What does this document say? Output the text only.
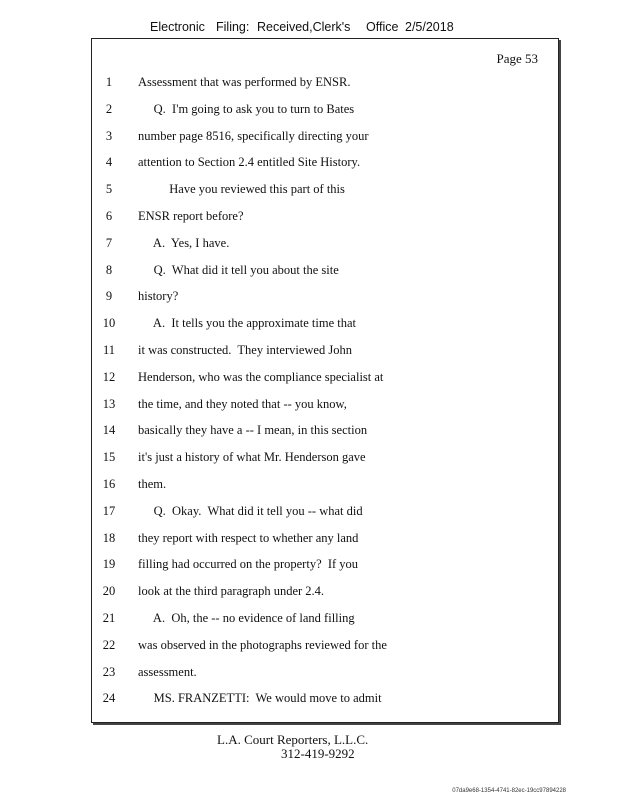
Electronic Filing: Received,Clerk's Office 2/5/2018
Page 53
1	Assessment that was performed by ENSR.
2	Q.  I'm going to ask you to turn to Bates
3	number page 8516, specifically directing your
4	attention to Section 2.4 entitled Site History.
5	Have you reviewed this part of this
6	ENSR report before?
7	A.  Yes, I have.
8	Q.  What did it tell you about the site
9	history?
10	A.  It tells you the approximate time that
11	it was constructed.  They interviewed John
12	Henderson, who was the compliance specialist at
13	the time, and they noted that -- you know,
14	basically they have a -- I mean, in this section
15	it's just a history of what Mr. Henderson gave
16	them.
17	Q.  Okay.  What did it tell you -- what did
18	they report with respect to whether any land
19	filling had occurred on the property?  If you
20	look at the third paragraph under 2.4.
21	A.  Oh, the -- no evidence of land filling
22	was observed in the photographs reviewed for the
23	assessment.
24	MS. FRANZETTI:  We would move to admit
L.A. Court Reporters, L.L.C.
312-419-9292
07da9e68-1354-4741-82ec-19cc97894228
